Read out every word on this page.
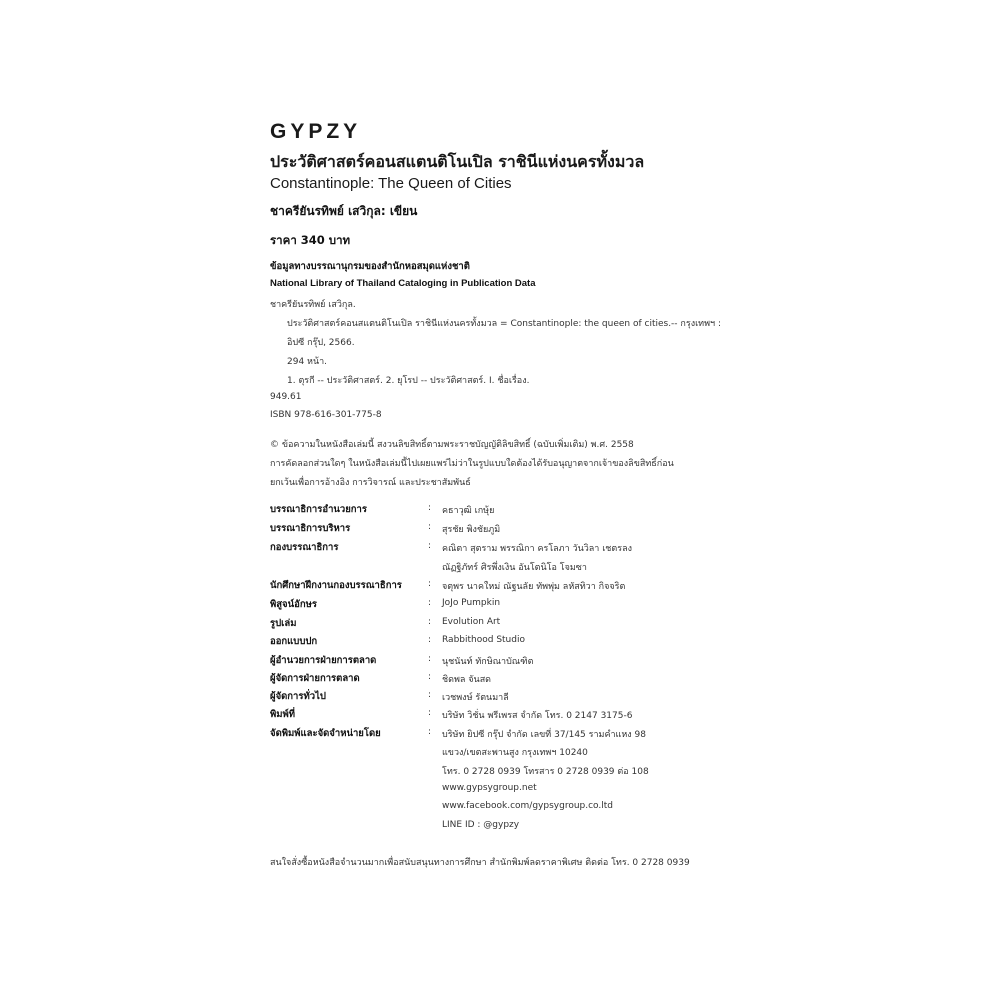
GYPZY
ประวัติศาสตร์คอนสแตนติโนเปิล ราชินีแห่งนครทั้งมวล
Constantinople: The Queen of Cities
ชาครียันรทิพย์ เสวิกุล: เขียน
ราคา 340 บาท
ข้อมูลทางบรรณานุกรมของสำนักหอสมุดแห่งชาติ
National Library of Thailand Cataloging in Publication Data
ชาครียันรทิพย์ เสวิกุล.
ประวัติศาสตร์คอนสแตนติโนเปิล ราชินีแห่งนครทั้งมวล = Constantinople: the queen of cities.-- กรุงเทพฯ :
อิปซี กรุ๊ป, 2566.
294 หน้า.
1. ตุรกี -- ประวัติศาสตร์. 2. ยุโรป -- ประวัติศาสตร์. I. ชื่อเรื่อง.
949.61
ISBN 978-616-301-775-8
© ข้อความในหนังสือเล่มนี้ สงวนลิขสิทธิ์ตามพระราชบัญญัติลิขสิทธิ์ (ฉบับเพิ่มเติม) พ.ศ. 2558
การคัดลอกส่วนใดๆ ในหนังสือเล่มนี้ไปเผยแพร่ไม่ว่าในรูปแบบใดต้องได้รับอนุญาตจากเจ้าของลิขสิทธิ์ก่อน
ยกเว้นเพื่อการอ้างอิง การวิจารณ์ และประชาสัมพันธ์
บรรณาธิการอำนวยการ	: คธาวุฒิ เกษุ้ย
บรรณาธิการบริหาร	: สุรชัย พิงชัยภูมิ
กองบรรณาธิการ	: คณิตา สุตราม พรรณิกา ครโลภา วันวิลา เชตรลง
ณัฏฐิภัทร์ ศิรพึ่งเงิน อันโตนิโอ โจมซา
นักศึกษาฝึกงานกองบรรณาธิการ	: จตุพร นาคใหม่ ณัฐนลัย ทัพพุ่ม ลหัสทิวา กิจจริต
พิสูจน์อักษร	: JoJo Pumpkin
รูปเล่ม	: Evolution Art
ออกแบบปก	: Rabbithood Studio
ผู้อำนวยการฝ่ายการตลาด	: นุชนันท์ ทักษิณาบัณฑิต
ผู้จัดการฝ่ายการตลาด	: ชิดพล จันสด
ผู้จัดการทั่วไป	: เวชพงษ์ รัตนมาลี
พิมพ์ที่	: บริษัท วิชั่น พรีเพรส จำกัด โทร. 0 2147 3175-6
จัดพิมพ์และจัดจำหน่ายโดย	: บริษัท ยิปซี กรุ๊ป จำกัด เลขที่ 37/145 รามคำแหง 98
แขวง/เขตสะพานสูง กรุงเทพฯ 10240
โทร. 0 2728 0939 โทรสาร 0 2728 0939 ต่อ 108
www.gypsygroup.net
www.facebook.com/gypsygroup.co.ltd
LINE ID : @gypzy
สนใจสั่งซื้อหนังสือจำนวนมากเพื่อสนับสนุนทางการศึกษา สำนักพิมพ์ลดราคาพิเศษ ติดต่อ โทร. 0 2728 0939
